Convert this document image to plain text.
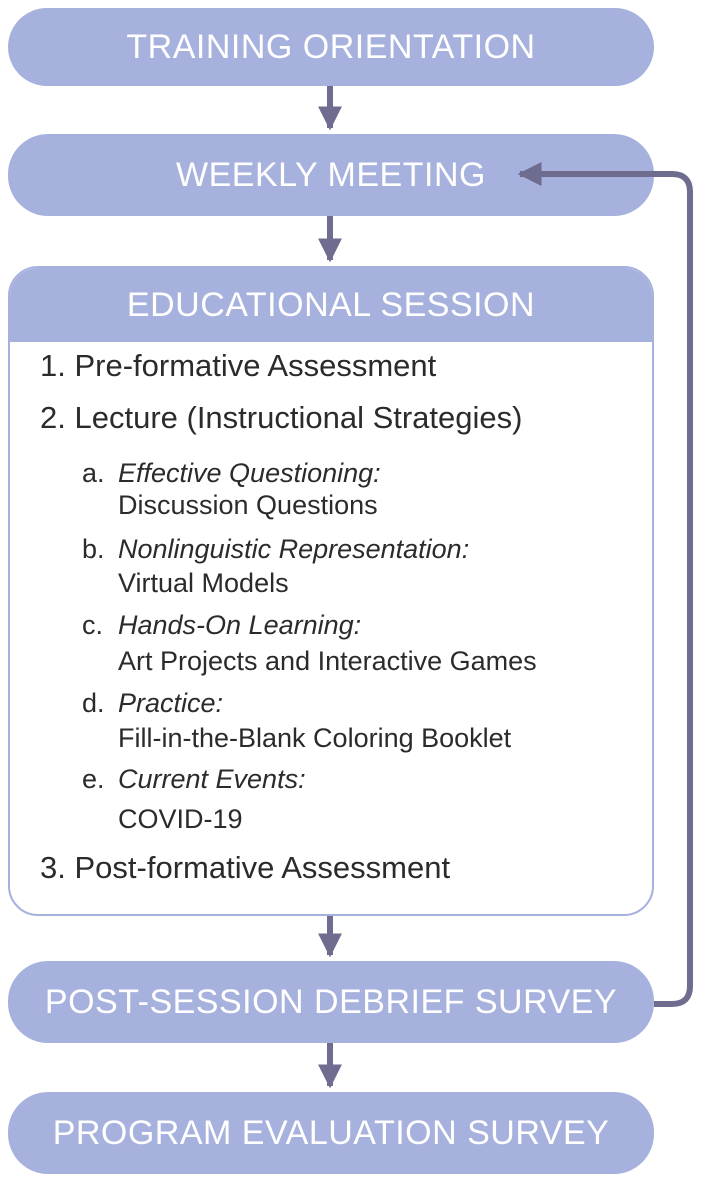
TRAINING ORIENTATION
WEEKLY MEETING
EDUCATIONAL SESSION
1. Pre-formative Assessment
2. Lecture (Instructional Strategies)
a. Effective Questioning:
Discussion Questions
b. Nonlinguistic Representation:
Virtual Models
c. Hands-On Learning:
Art Projects and Interactive Games
d. Practice:
Fill-in-the-Blank Coloring Booklet
e. Current Events:
COVID-19
3. Post-formative Assessment
POST-SESSION DEBRIEF SURVEY
PROGRAM EVALUATION SURVEY
